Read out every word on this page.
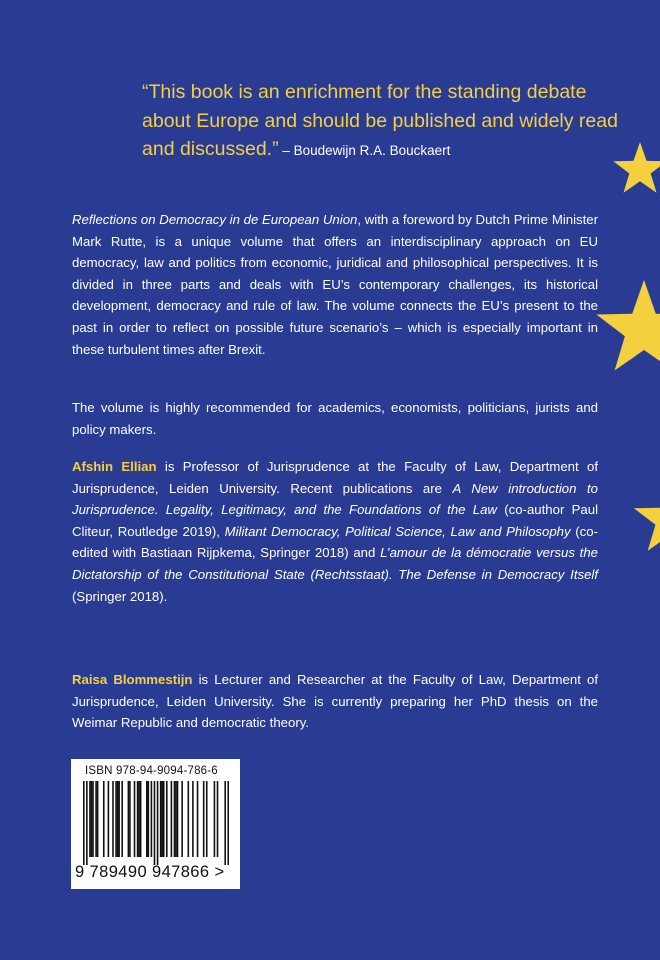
“This book is an enrichment for the standing debate about Europe and should be published and widely read and discussed.” – Boudewijn R.A. Bouckaert

Reflections on Democracy in de European Union, with a foreword by Dutch Prime Minister Mark Rutte, is a unique volume that offers an interdisciplinary approach on EU democracy, law and politics from economic, juridical and philosophical perspectives. It is divided in three parts and deals with EU’s contemporary challenges, its historical development, democracy and rule of law. The volume connects the EU’s present to the past in order to reflect on possible future scenario’s – which is especially important in these turbulent times after Brexit.

The volume is highly recommended for academics, economists, politicians, jurists and policy makers.

Afshin Ellian is Professor of Jurisprudence at the Faculty of Law, Department of Jurisprudence, Leiden University. Recent publications are A New introduction to Jurisprudence. Legality, Legitimacy, and the Foundations of the Law (co-author Paul Cliteur, Routledge 2019), Militant Democracy, Political Science, Law and Philosophy (co-edited with Bastiaan Rijpkema, Springer 2018) and L’amour de la démocratie versus the Dictatorship of the Constitutional State (Rechtsstaat). The Defense in Democracy Itself (Springer 2018).

Raisa Blommestijn is Lecturer and Researcher at the Faculty of Law, Department of Jurisprudence, Leiden University. She is currently preparing her PhD thesis on the Weimar Republic and democratic theory.

ISBN 978-94-9094-786-6
9 789490 947866 >
